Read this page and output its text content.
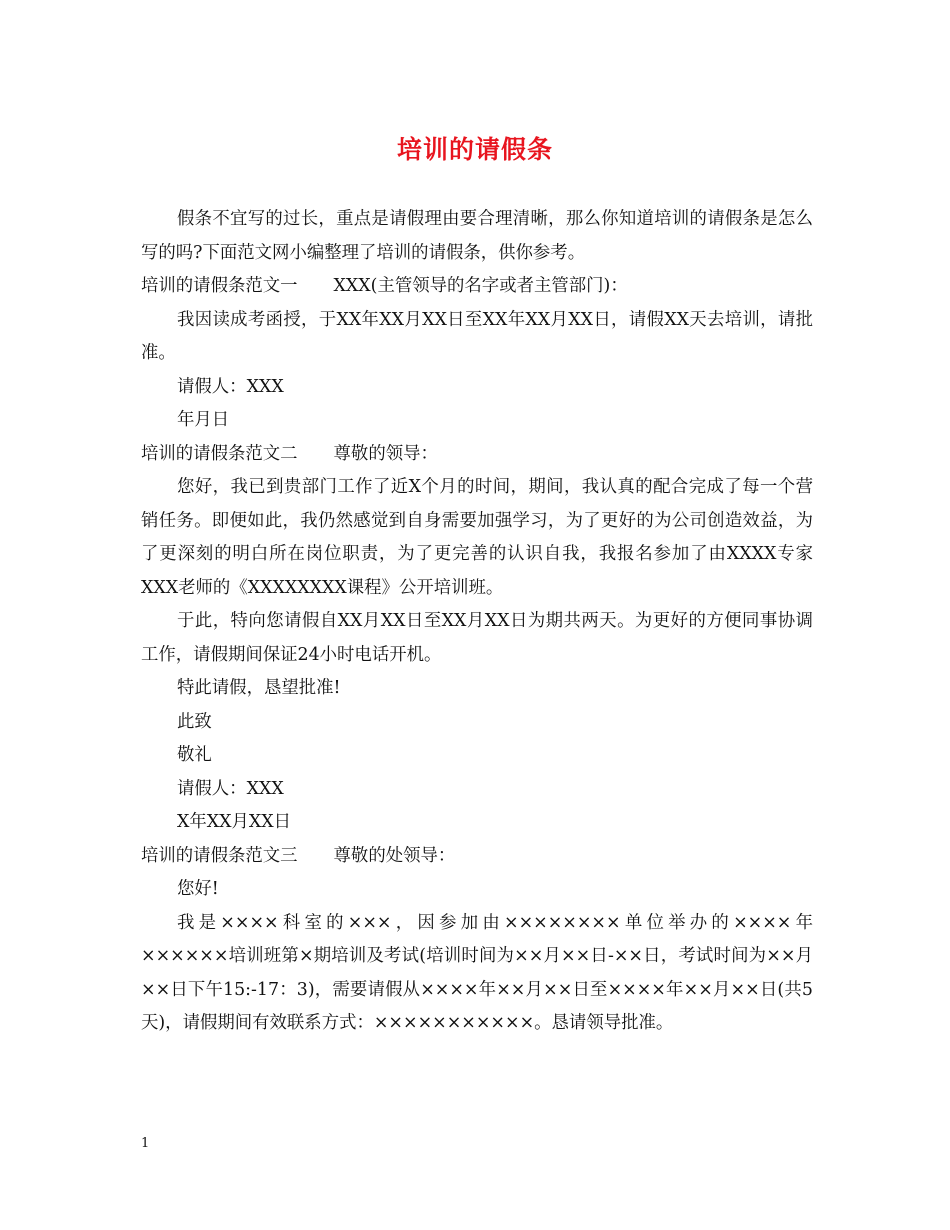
培训的请假条

假条不宜写的过长，重点是请假理由要合理清晰，那么你知道培训的请假条是怎么写的吗?下面范文网小编整理了培训的请假条，供你参考。

培训的请假条范文一 XXX(主管领导的名字或者主管部门)：

我因读成考函授，于XX年XX月XX日至XX年XX月XX日，请假XX天去培训，请批准。

请假人：XXX

年月日

培训的请假条范文二 尊敬的领导：

您好，我已到贵部门工作了近X个月的时间，期间，我认真的配合完成了每一个营销任务。即便如此，我仍然感觉到自身需要加强学习，为了更好的为公司创造效益，为了更深刻的明白所在岗位职责，为了更完善的认识自我，我报名参加了由XXXX专家XXX老师的《XXXXXXXX课程》公开培训班。

于此，特向您请假自XX月XX日至XX月XX日为期共两天。为更好的方便同事协调工作，请假期间保证24小时电话开机。

特此请假，恳望批准!

此致

敬礼

请假人：XXX

X年XX月XX日

培训的请假条范文三 尊敬的处领导：

您好!

我是××××科室的×××，因参加由××××××××单位举办的××××年××××××培训班第×期培训及考试(培训时间为××月××日-××日，考试时间为××月××日下午15:-17：3)，需要请假从××××年××月××日至××××年××月××日(共5天)，请假期间有效联系方式：×××××××××××。恳请领导批准。

1
